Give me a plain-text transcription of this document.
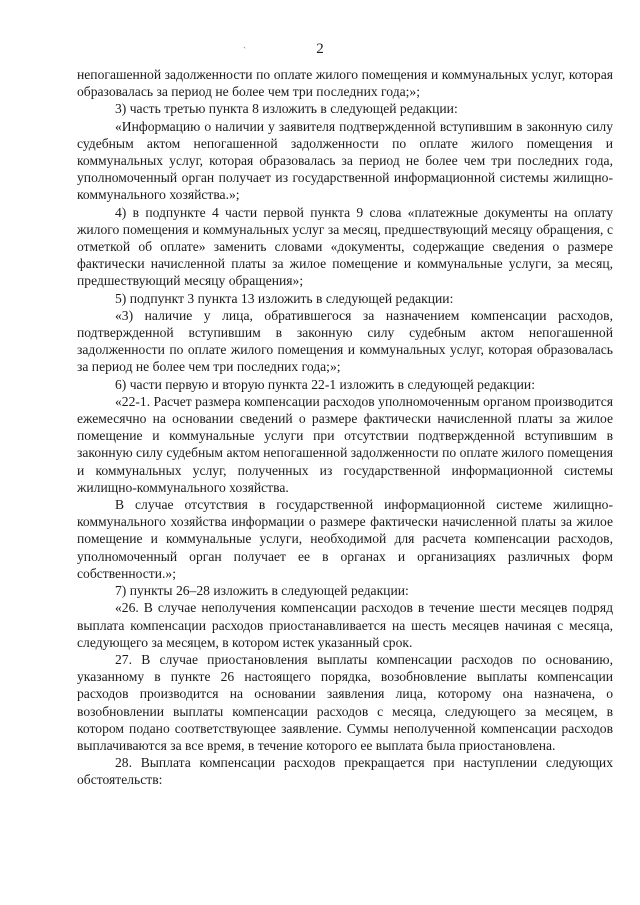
ˏ	2

непогашенной задолженности по оплате жилого помещения и коммунальных услуг, которая образовалась за период не более чем три последних года;»;

3) часть третью пункта 8 изложить в следующей редакции:

«Информацию о наличии у заявителя подтвержденной вступившим в законную силу судебным актом непогашенной задолженности по оплате жилого помещения и коммунальных услуг, которая образовалась за период не более чем три последних года, уполномоченный орган получает из государственной информационной системы жилищно-коммунального хозяйства.»;

4) в подпункте 4 части первой пункта 9 слова «платежные документы на оплату жилого помещения и коммунальных услуг за месяц, предшествующий месяцу обращения, с отметкой об оплате» заменить словами «документы, содержащие сведения о размере фактически начисленной платы за жилое помещение и коммунальные услуги, за месяц, предшествующий месяцу обращения»;

5) подпункт 3 пункта 13 изложить в следующей редакции:

«3) наличие у лица, обратившегося за назначением компенсации расходов, подтвержденной вступившим в законную силу судебным актом непогашенной задолженности по оплате жилого помещения и коммунальных услуг, которая образовалась за период не более чем три последних года;»;

6) части первую и вторую пункта 22-1 изложить в следующей редакции:

«22-1. Расчет размера компенсации расходов уполномоченным органом производится ежемесячно на основании сведений о размере фактически начисленной платы за жилое помещение и коммунальные услуги при отсутствии подтвержденной вступившим в законную силу судебным актом непогашенной задолженности по оплате жилого помещения и коммунальных услуг, полученных из государственной информационной системы жилищно-коммунального хозяйства.

В случае отсутствия в государственной информационной системе жилищно-коммунального хозяйства информации о размере фактически начисленной платы за жилое помещение и коммунальные услуги, необходимой для расчета компенсации расходов, уполномоченный орган получает ее в органах и организациях различных форм собственности.»;

7) пункты 26–28 изложить в следующей редакции:

«26. В случае неполучения компенсации расходов в течение шести месяцев подряд выплата компенсации расходов приостанавливается на шесть месяцев начиная с месяца, следующего за месяцем, в котором истек указанный срок.

27. В случае приостановления выплаты компенсации расходов по основанию, указанному в пункте 26 настоящего порядка, возобновление выплаты компенсации расходов производится на основании заявления лица, которому она назначена, о возобновлении выплаты компенсации расходов с месяца, следующего за месяцем, в котором подано соответствующее заявление. Суммы неполученной компенсации расходов выплачиваются за все время, в течение которого ее выплата была приостановлена.

28. Выплата компенсации расходов прекращается при наступлении следующих обстоятельств:
